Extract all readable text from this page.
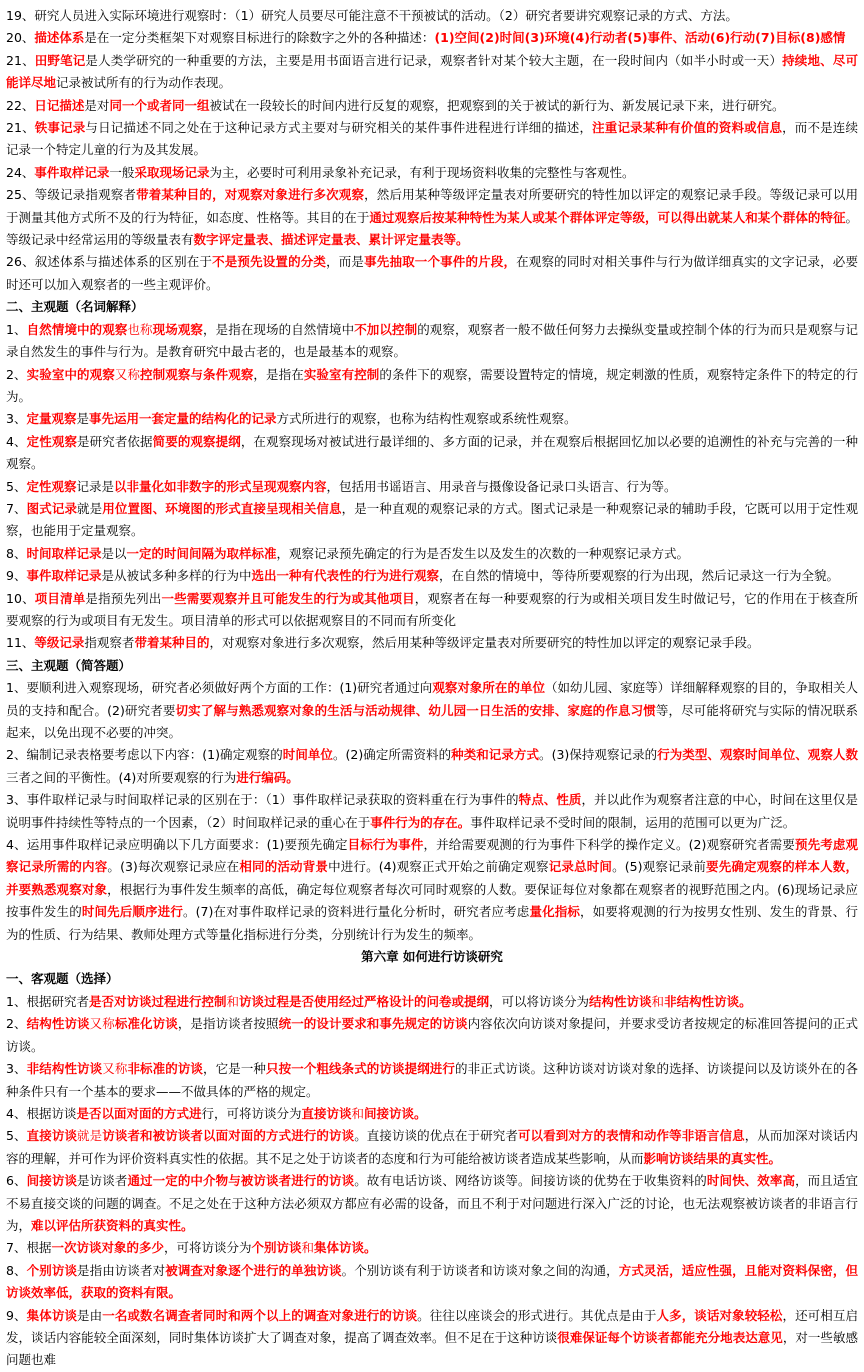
19、研究人员进入实际环境进行观察时：（1）研究人员要尽可能注意不干预被试的活动。（2）研究者要讲究观察记录的方式、方法。

20、描述体系是在一定分类框架下对观察目标进行的除数字之外的各种描述：(1)空间(2)时间(3)环境(4)行动者(5)事件、活动(6)行动(7)目标(8)感情

21、田野笔记是人类学研究的一种重要的方法，主要是用书面语言进行记录，观察者针对某个较大主题，在一段时间内（如半小时或一天）持续地、尽可能详尽地记录被试所有的行为动作表现。

22、日记描述是对同一个或者同一组被试在一段较长的时间内进行反复的观察，把观察到的关于被试的新行为、新发展记录下来，进行研究。

21、铁事记录与日记描述不同之处在于这种记录方式主要对与研究相关的某件事件进程进行详细的描述，注重记录某种有价值的资料或信息，而不是连续记录一个特定儿童的行为及其发展。

24、事件取样记录一般采取现场记录为主，必要时可利用录象补充记录，有利于现场资料收集的完整性与客观性。

25、等级记录指观察者带着某种目的，对观察对象进行多次观察，然后用某种等级评定量表对所要研究的特性加以评定的观察记录手段。等级记录可以用于测量其他方式所不及的行为特征，如态度、性格等。其目的在于通过观察后按某种特性为某人或某个群体评定等级，可以得出就某人和某个群体的特征。等级记录中经常运用的等级量表有数字评定量表、描述评定量表、累计评定量表等。

26、叙述体系与描述体系的区别在于不是预先设置的分类，而是事先抽取一个事件的片段，在观察的同时对相关事件与行为做详细真实的文字记录，必要时还可以加入观察者的一些主观评价。

二、主观题（名词解释）

1、自然情境中的观察也称现场观察，是指在现场的自然情境中不加以控制的观察，观察者一般不做任何努力去操纵变量或控制个体的行为而只是观察与记录自然发生的事件与行为。是教育研究中最古老的，也是最基本的观察。

2、实验室中的观察又称控制观察与条件观察，是指在实验室有控制的条件下的观察，需要设置特定的情境，规定刺激的性质，观察特定条件下的特定的行为。

3、定量观察是事先运用一套定量的结构化的记录方式所进行的观察，也称为结构性观察或系统性观察。

4、定性观察是研究者依据简要的观察提纲，在观察现场对被试进行最详细的、多方面的记录，并在观察后根据回忆加以必要的追溯性的补充与完善的一种观察。

5、定性观察记录是以非量化如非数字的形式呈现观察内容，包括用书谣语言、用录音与摄像设备记录口头语言、行为等。

7、图式记录就是用位置图、环境图的形式直接呈现相关信息，是一种直观的观察记录的方式。图式记录是一种观察记录的辅助手段，它既可以用于定性观察，也能用于定量观察。

8、时间取样记录是以一定的时间间隔为取样标准，观察记录预先确定的行为是否发生以及发生的次数的一种观察记录方式。

9、事件取样记录是从被试多种多样的行为中选出一种有代表性的行为进行观察，在自然的情境中，等待所要观察的行为出现，然后记录这一行为全貌。

10、项目清单是指预先列出一些需要观察并且可能发生的行为或其他项目，观察者在每一种要观察的行为或相关项目发生时做记号，它的作用在于核查所要观察的行为或项目有无发生。项目清单的形式可以依据观察目的不同而有所变化

11、等级记录指观察者带着某种目的，对观察对象进行多次观察，然后用某种等级评定量表对所要研究的特性加以评定的观察记录手段。

三、主观题（简答题）

1、要顺利进入观察现场，研究者必须做好两个方面的工作：(1)研究者通过向观察对象所在的单位（如幼儿园、家庭等）详细解释观察的目的，争取相关人员的支持和配合。(2)研究者要切实了解与熟悉观察对象的生活与活动规律、幼儿园一日生活的安排、家庭的作息习惯等，尽可能将研究与实际的情况联系起来，以免出现不必要的冲突。

2、编制记录表格要考虑以下内容：(1)确定观察的时间单位。(2)确定所需资料的种类和记录方式。(3)保持观察记录的行为类型、观察时间单位、观察人数三者之间的平衡性。(4)对所要观察的行为进行编码。

3、事件取样记录与时间取样记录的区别在于：（1）事件取样记录获取的资料重在行为事件的特点、性质，并以此作为观察者注意的中心，时间在这里仅是说明事件持续性等特点的一个因素，（2）时间取样记录的重心在于事件行为的存在。事件取样记录不受时间的限制，运用的范围可以更为广泛。

4、运用事件取样记录应明确以下几方面要求：(1)要预先确定目标行为事件，并给需要观测的行为事件下科学的操作定义。(2)观察研究者需要预先考虑观察记录所需的内容。(3)每次观察记录应在相同的活动背景中进行。(4)观察正式开始之前确定观察记录总时间。(5)观察记录前要先确定观察的样本人数，并要熟悉观察对象，根据行为事件发生频率的高低，确定每位观察者每次可同时观察的人数。要保证每位对象都在观察者的视野范围之内。(6)现场记录应按事件发生的时间先后顺序进行。(7)在对事件取样记录的资料进行量化分析时，研究者应考虑量化指标，如要将观测的行为按男女性别、发生的背景、行为的性质、行为结果、教师处理方式等量化指标进行分类，分别统计行为发生的频率。

第六章 如何进行访谈研究

一、客观题（选择）

1、根据研究者是否对访谈过程进行控制和访谈过程是否使用经过严格设计的问卷或提纲，可以将访谈分为结构性访谈和非结构性访谈。

2、结构性访谈又称标准化访谈，是指访谈者按照统一的设计要求和事先规定的访谈内容依次向访谈对象提问，并要求受访者按规定的标准回答提问的正式访谈。

3、非结构性访谈又称非标准的访谈，它是一种只按一个粗线条式的访谈提纲进行的非正式访谈。这种访谈对访谈对象的选择、访谈提问以及访谈外在的各种条件只有一个基本的要求——不做具体的严格的规定。

4、根据访谈是否以面对面的方式进行，可将访谈分为直接访谈和间接访谈。

5、直接访谈就是访谈者和被访谈者以面对面的方式进行的访谈。直接访谈的优点在于研究者可以看到对方的表情和动作等非语言信息，从而加深对谈话内容的理解，并可作为评价资料真实性的依据。其不足之处于访谈者的态度和行为可能给被访谈者造成某些影响，从而影响访谈结果的真实性。

6、间接访谈是访谈者通过一定的中介物与被访谈者进行的访谈。故有电话访谈、网络访谈等。间接访谈的优势在于收集资料的时间快、效率高，而且适宜不易直接交谈的问题的调查。不足之处在于这种方法必须双方都应有必需的设备，而且不利于对问题进行深入广泛的讨论，也无法观察被访谈者的非语言行为，难以评估所获资料的真实性。

7、根据一次访谈对象的多少，可将访谈分为个别访谈和集体访谈。

8、个别访谈是指由访谈者对被调查对象逐个进行的单独访谈。个别访谈有利于访谈者和访谈对象之间的沟通，方式灵活，适应性强，且能对资料保密，但访谈效率低，获取的资料有限。

9、集体访谈是由一名或数名调查者同时和两个以上的调查对象进行的访谈。往往以座谈会的形式进行。其优点是由于人多，谈话对象较轻松，还可相互启发，谈话内容能较全面深刻，同时集体访谈扩大了调查对象，提高了调查效率。但不足在于这种访谈很难保证每个访谈者都能充分地表达意见，对一些敏感问题也难
